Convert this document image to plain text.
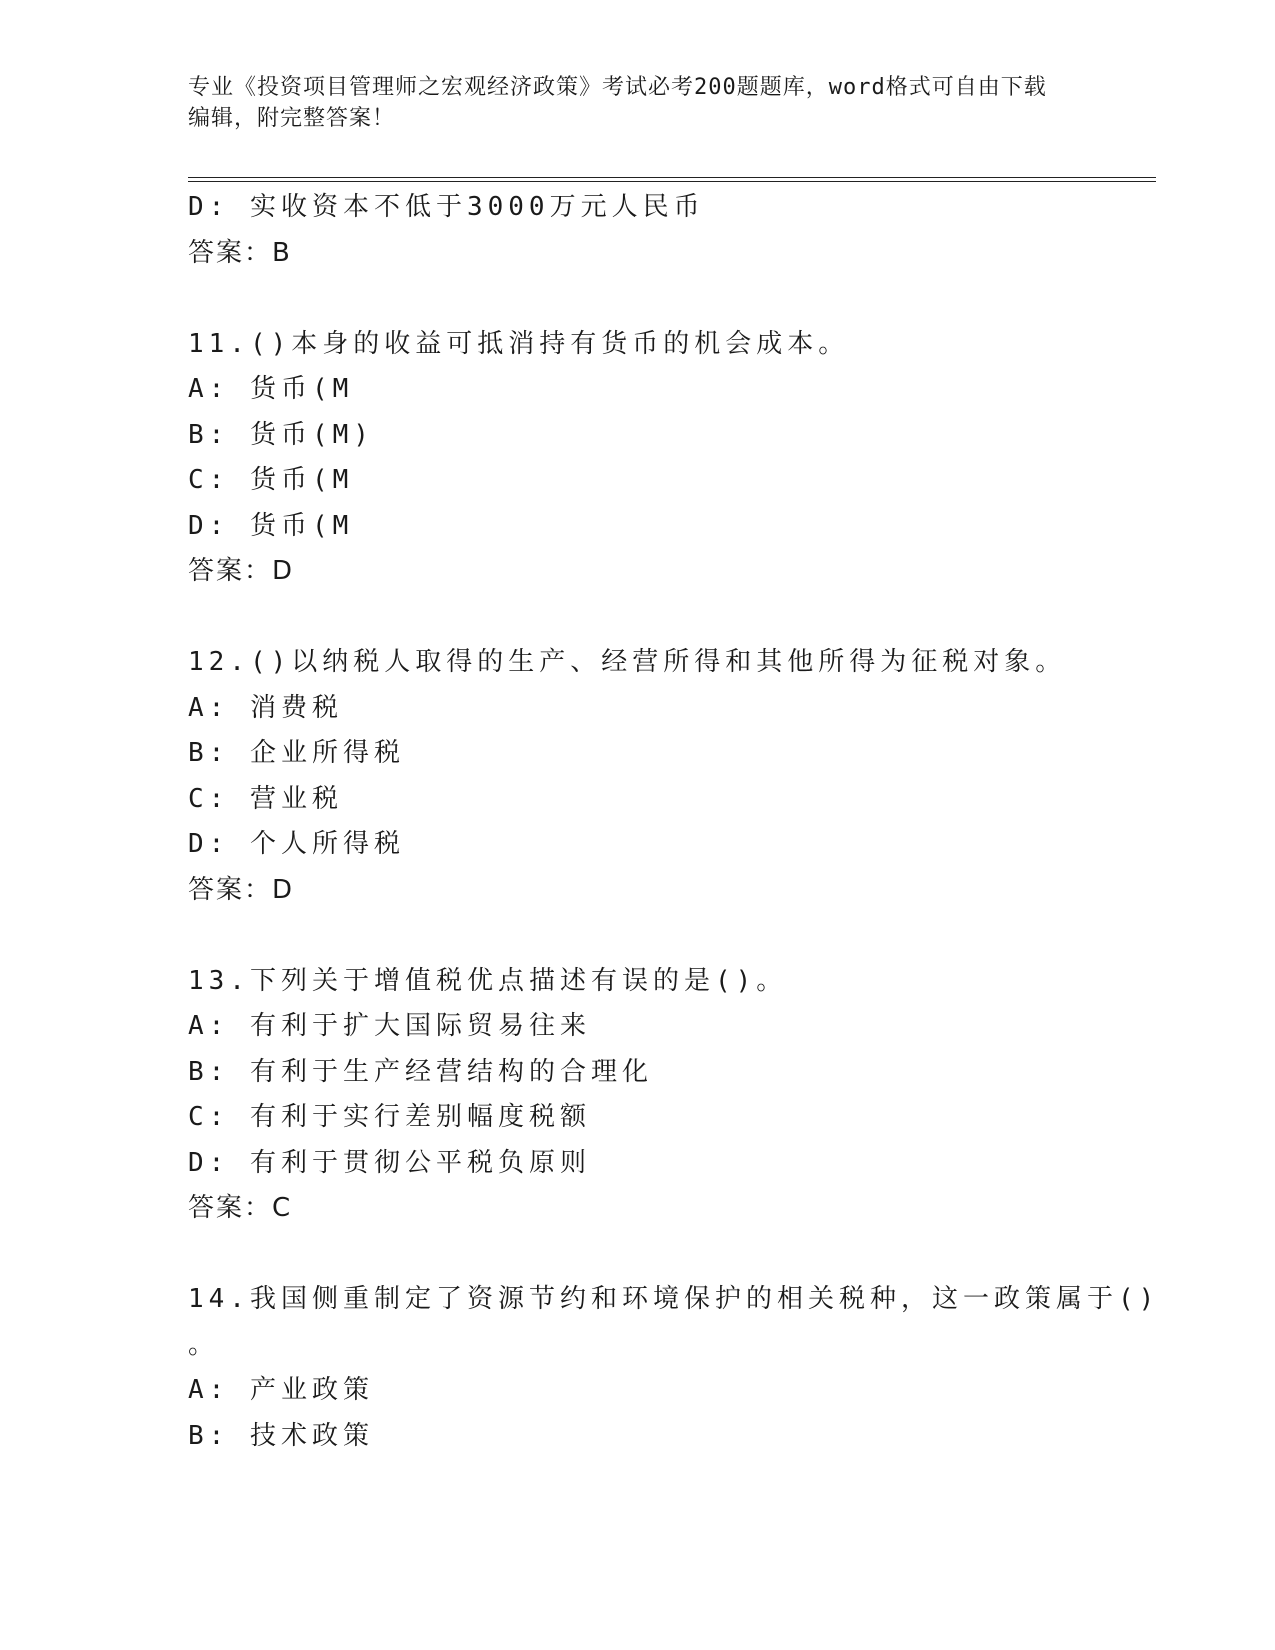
专业《投资项目管理师之宏观经济政策》考试必考200题题库，word格式可自由下载编辑，附完整答案！
D: 实收资本不低于3000万元人民币
答案：B
11.()本身的收益可抵消持有货币的机会成本。
A: 货币(M
B: 货币(M)
C: 货币(M
D: 货币(M
答案：D
12.()以纳税人取得的生产、经营所得和其他所得为征税对象。
A: 消费税
B: 企业所得税
C: 营业税
D: 个人所得税
答案：D
13.下列关于增值税优点描述有误的是()。
A: 有利于扩大国际贸易往来
B: 有利于生产经营结构的合理化
C: 有利于实行差别幅度税额
D: 有利于贯彻公平税负原则
答案：C
14.我国侧重制定了资源节约和环境保护的相关税种，这一政策属于()
。
A: 产业政策
B: 技术政策
